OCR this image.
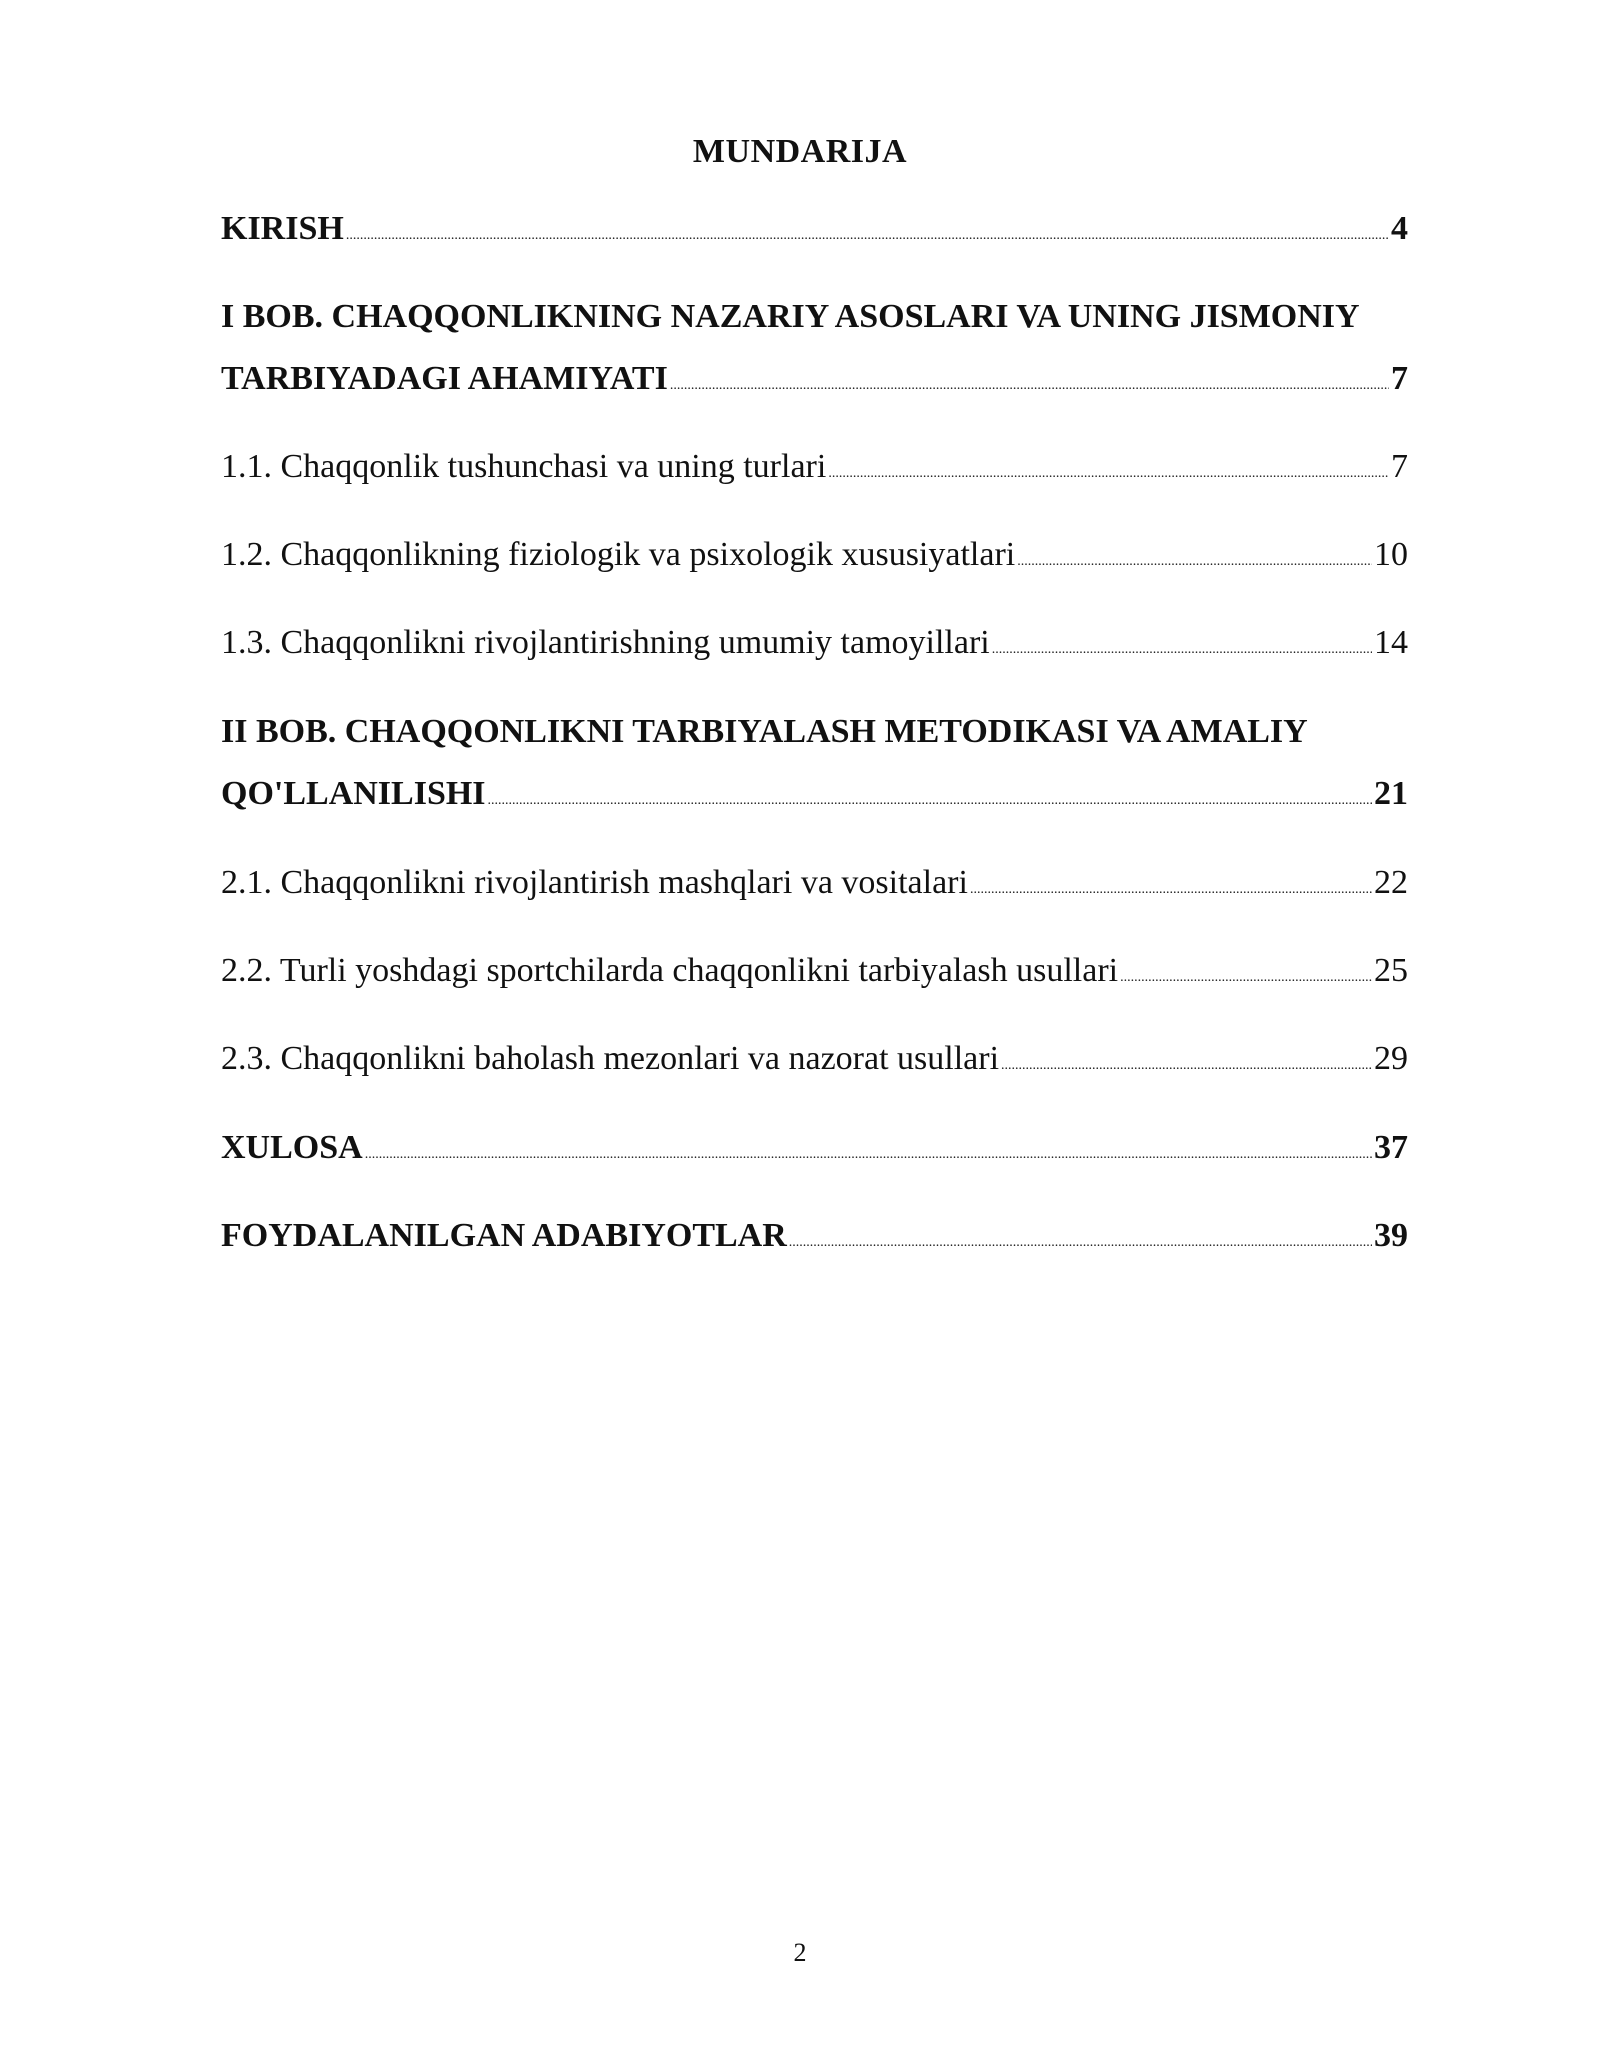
MUNDARIJA
KIRISH .....	4
I BOB. CHAQQONLIKNING NAZARIY ASOSLARI VA UNING JISMONIY
TARBIYADAGI AHAMIYATI .....	7
1.1. Chaqqonlik tushunchasi va uning turlari .....	7
1.2. Chaqqonlikning fiziologik va psixologik xususiyatlari .....	10
1.3. Chaqqonlikni rivojlantirishning umumiy tamoyillari .....	14
II BOB. CHAQQONLIKNI TARBIYALASH METODIKASI VA AMALIY
QO'LLANILISHI .....	21
2.1. Chaqqonlikni rivojlantirish mashqlari va vositalari .....	22
2.2. Turli yoshdagi sportchilarda chaqqonlikni tarbiyalash usullari .....	25
2.3. Chaqqonlikni baholash mezonlari va nazorat usullari .....	29
XULOSA .....	37
FOYDALANILGAN ADABIYOTLAR .....	39
2
